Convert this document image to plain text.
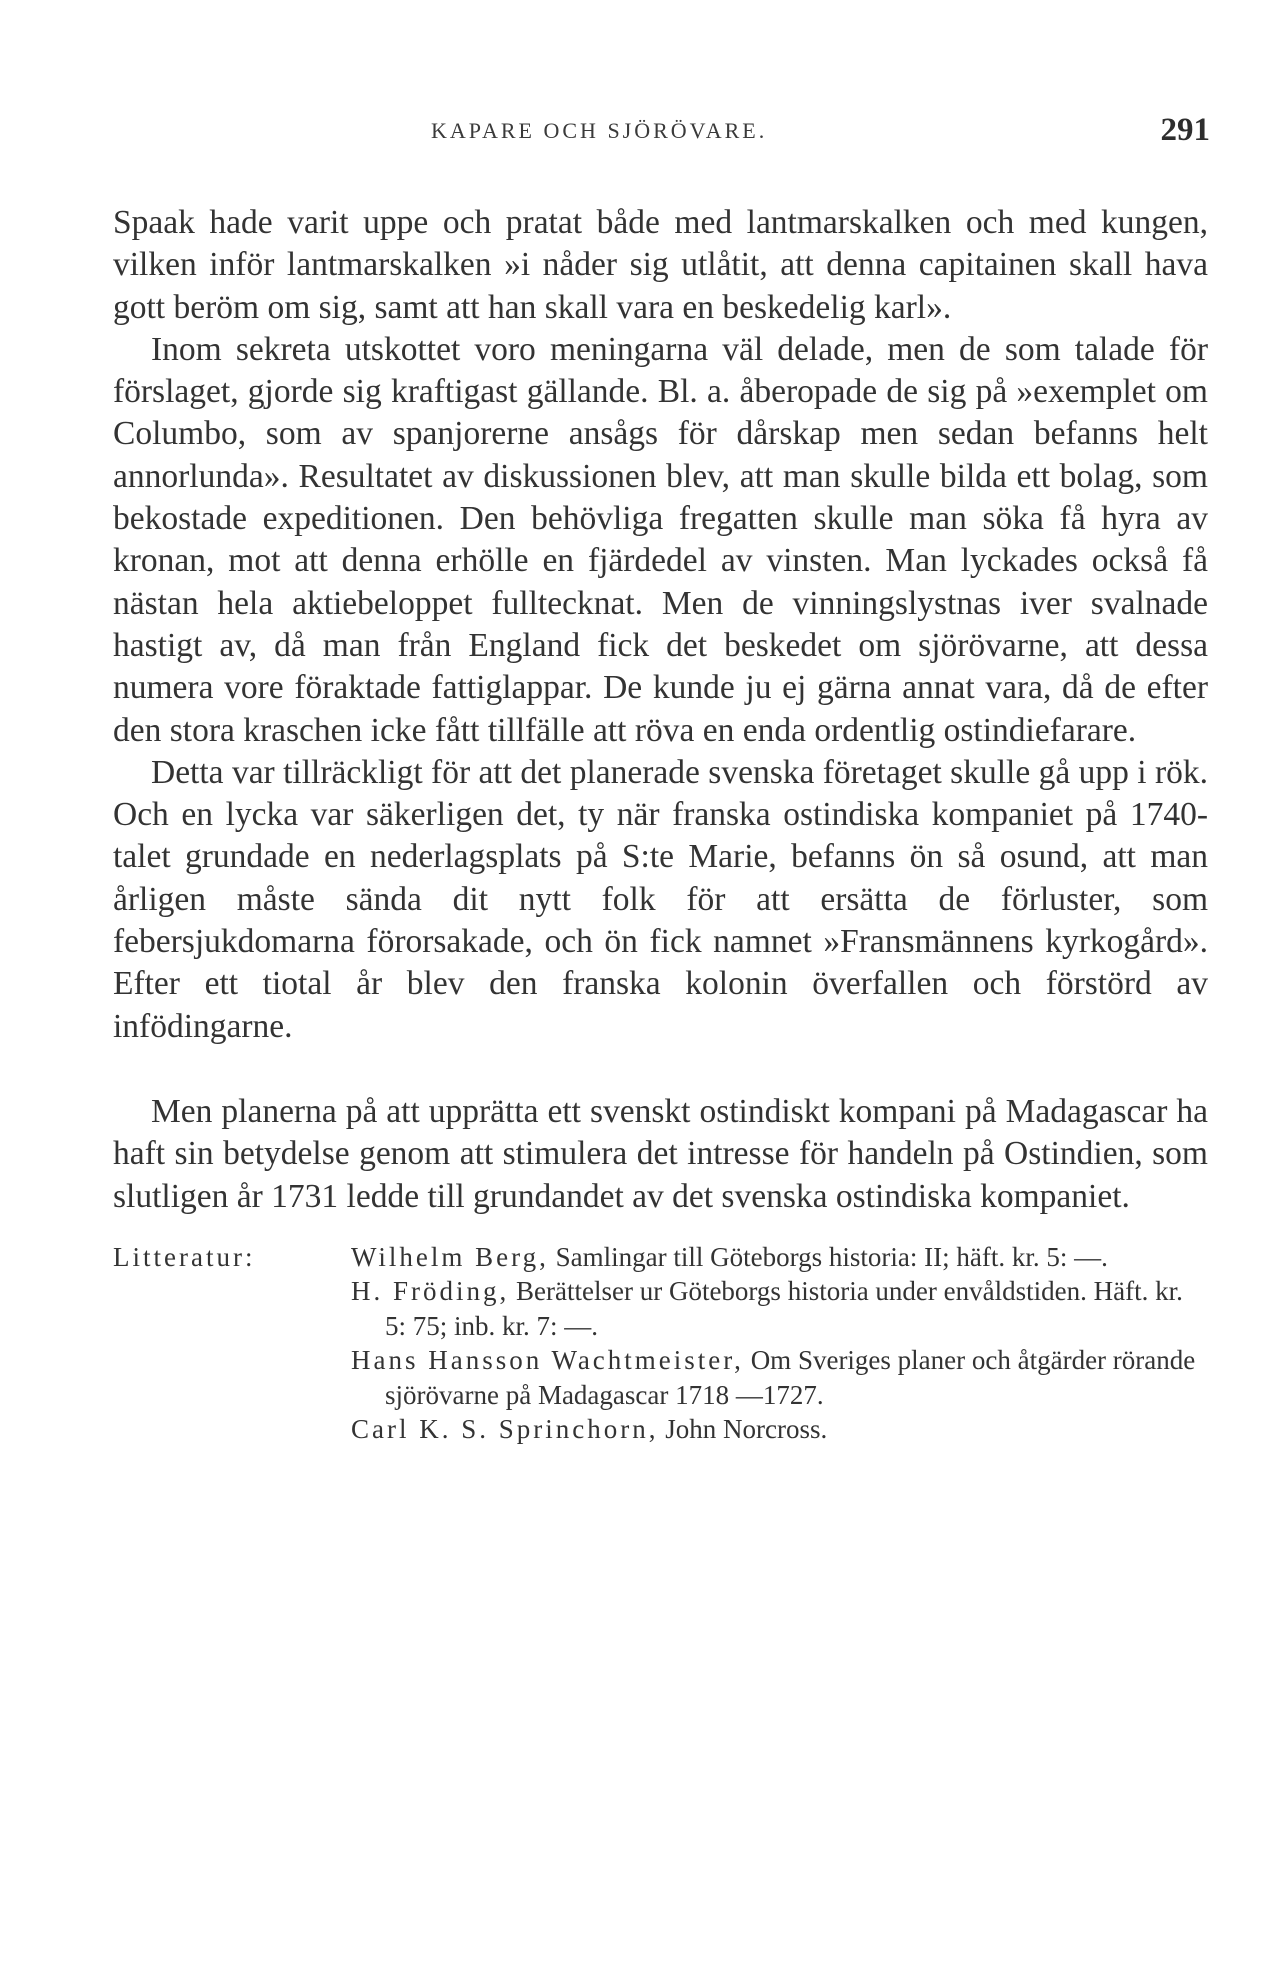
KAPARE OCH SJÖRÖVARE.	291

Spaak hade varit uppe och pratat både med lantmarskalken och med kungen, vilken inför lantmarskalken »i nåder sig utlåtit, att denna capitainen skall hava gott beröm om sig, samt att han skall vara en beskedelig karl».

Inom sekreta utskottet voro meningarna väl delade, men de som talade för förslaget, gjorde sig kraftigast gällande. Bl. a. åberopade de sig på »exemplet om Columbo, som av spanjorerne ansågs för dårskap men sedan befanns helt annorlunda». Resultatet av diskussionen blev, att man skulle bilda ett bolag, som bekostade expeditionen. Den behövliga fregatten skulle man söka få hyra av kronan, mot att denna erhölle en fjärdedel av vinsten. Man lyckades också få nästan hela aktiebeloppet fulltecknat. Men de vinningslystnas iver svalnade hastigt av, då man från England fick det beskedet om sjörövarne, att dessa numera vore föraktade fattiglappar. De kunde ju ej gärna annat vara, då de efter den stora kraschen icke fått tillfälle att röva en enda ordentlig ostindiefarare.

Detta var tillräckligt för att det planerade svenska företaget skulle gå upp i rök. Och en lycka var säkerligen det, ty när franska ostindiska kompaniet på 1740-talet grundade en nederlagsplats på S:te Marie, befanns ön så osund, att man årligen måste sända dit nytt folk för att ersätta de förluster, som febersjukdomarna förorsakade, och ön fick namnet »Fransmännens kyrkogård». Efter ett tiotal år blev den franska kolonin överfallen och förstörd av infödingarne.

Men planerna på att upprätta ett svenskt ostindiskt kompani på Madagascar ha haft sin betydelse genom att stimulera det intresse för handeln på Ostindien, som slutligen år 1731 ledde till grundandet av det svenska ostindiska kompaniet.

Litteratur:	Wilhelm Berg, Samlingar till Göteborgs historia: II; häft. kr. 5: —.
H. Fröding, Berättelser ur Göteborgs historia under envåldstiden. Häft. kr. 5: 75; inb. kr. 7: —.
Hans Hansson Wachtmeister, Om Sveriges planer och åtgärder rörande sjörövarne på Madagascar 1718 —1727.
Carl K. S. Sprinchorn, John Norcross.
